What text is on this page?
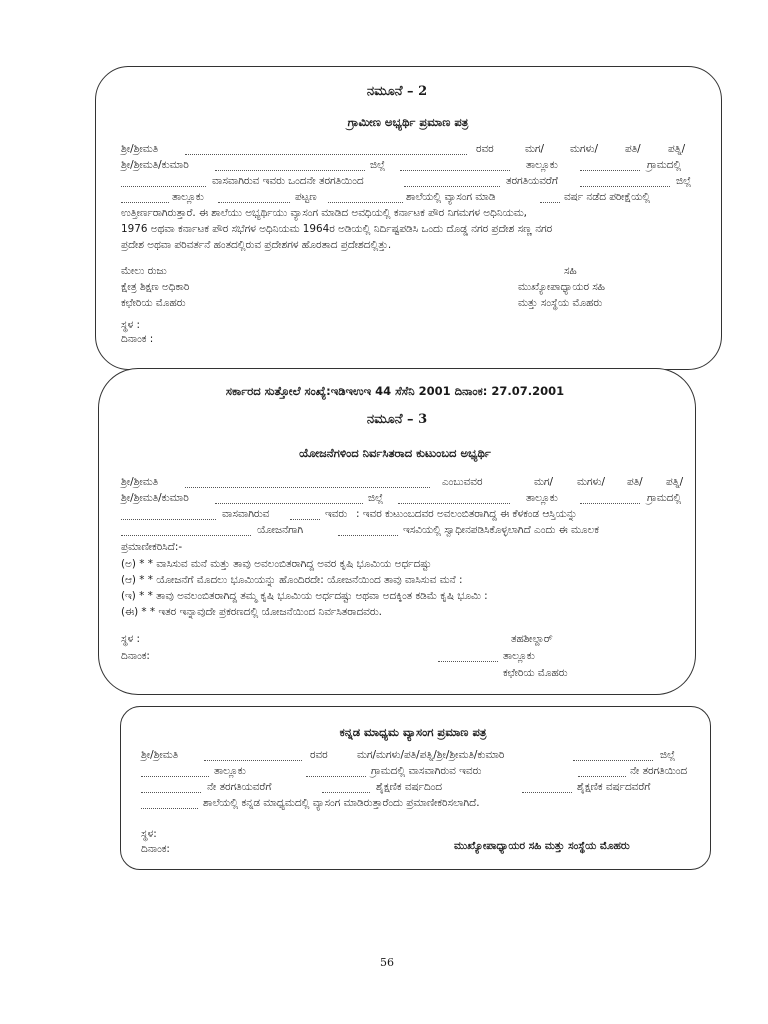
ನಮೂನೆ – 2
ಗ್ರಾಮೀಣ ಅಭ್ಯರ್ಥಿ ಪ್ರಮಾಣ ಪತ್ರ
ಶ್ರೀ/ಶ್ರೀಮತಿ	ರವರ	ಮಗ/ ಮಗಳು/	ಪತಿ/	ಪತ್ನಿ/
ಶ್ರೀ/ಶ್ರೀಮತಿ/ಕುಮಾರಿ	ಜಿಲ್ಲೆ	ತಾಲ್ಲೂಕು	ಗ್ರಾಮದಲ್ಲಿ
ವಾಸವಾಗಿರುವ ಇವರು ಒಂದನೇ ತರಗತಿಯಿಂದ	ತರಗತಿಯವರೆಗೆ	ಜಿಲ್ಲೆ
ತಾಲ್ಲೂಕು	ಪಟ್ಟಣ	ಶಾಲೆಯಲ್ಲಿ ವ್ಯಾಸಂಗ ಮಾಡಿ	ವರ್ಷ ನಡೆದ ಪರೀಕ್ಷೆಯಲ್ಲಿ
ಉತ್ತೀರ್ಣರಾಗಿರುತ್ತಾರೆ. ಈ ಶಾಲೆಯು ಅಭ್ಯರ್ಥಿಯು ವ್ಯಾಸಂಗ ಮಾಡಿದ ಅವಧಿಯಲ್ಲಿ ಕರ್ನಾಟಕ ಪೌರ ನಿಗಮಗಳ ಅಧಿನಿಯಮ,
1976 ಅಥವಾ ಕರ್ನಾಟಕ ಪೌರ ಸಭೆಗಳ ಅಧಿನಿಯಮ 1964ರ ಅಡಿಯಲ್ಲಿ ನಿರ್ದಿಷ್ಟಪಡಿಸಿ ಒಂದು ದೊಡ್ಡ ನಗರ ಪ್ರದೇಶ ಸಣ್ಣ ನಗರ
ಪ್ರದೇಶ ಅಥವಾ ಪರಿವರ್ತನೆ ಹಂತದಲ್ಲಿರುವ ಪ್ರದೇಶಗಳ ಹೊರತಾದ ಪ್ರದೇಶದಲ್ಲಿತ್ತು.
ಮೇಲು ರುಜು	ಸಹಿ
ಕ್ಷೇತ್ರ ಶಿಕ್ಷಣ ಅಧಿಕಾರಿ	ಮುಖ್ಯೋಪಾಧ್ಯಾಯರ ಸಹಿ
ಕಛೇರಿಯ ಮೊಹರು	ಮತ್ತು ಸಂಸ್ಥೆಯ ಮೊಹರು
ಸ್ಥಳ :
ದಿನಾಂಕ :
ಸರ್ಕಾರದ ಸುತ್ತೋಲೆ ಸಂಖ್ಯೆ:ಇಡಿಇಉಇ 44 ಸೆಸೆನಿ 2001 ದಿನಾಂಕ: 27.07.2001
ನಮೂನೆ – 3
ಯೋಜನೆಗಳಿಂದ ನಿರ್ವಸಿತರಾದ ಕುಟುಂಬದ ಅಭ್ಯರ್ಥಿ
ಶ್ರೀ/ಶ್ರೀಮತಿ	ಎಂಬುವವರ	ಮಗ/ ಮಗಳು/ ಪತಿ/ ಪತ್ನಿ/
ಶ್ರೀ/ಶ್ರೀಮತಿ/ಕುಮಾರಿ	ಜಿಲ್ಲೆ	ತಾಲ್ಲೂಕು	ಗ್ರಾಮದಲ್ಲಿ
ವಾಸವಾಗಿರುವ	ಇವರು : ಇವರ ಕುಟುಂಬದವರ ಅವಲಂಬಿತರಾಗಿದ್ದ ಈ ಕೆಳಕಂಡ ಆಸ್ತಿಯನ್ನು
ಯೋಜನೆಗಾಗಿ	ಇಸವಿಯಲ್ಲಿ ಸ್ವಾಧೀನಪಡಿಸಿಕೊಳ್ಳಲಾಗಿದೆ ಎಂದು ಈ ಮೂಲಕ
ಪ್ರಮಾಣೀಕರಿಸಿದೆ:-
(ಅ) * * ವಾಸಿಸುವ ಮನೆ ಮತ್ತು ತಾವು ಅವಲಂಬಿತರಾಗಿದ್ದ ಅವರ ಕೃಷಿ ಭೂಮಿಯ ಅರ್ಧದಷ್ಟು
(ಆ) * * ಯೋಜನೆಗೆ ಮೊದಲು ಭೂಮಿಯನ್ನು ಹೊಂದಿರದೇ: ಯೋಜನೆಯಿಂದ ತಾವು ವಾಸಿಸುವ ಮನೆ :
(ಇ) * * ತಾವು ಅವಲಂಬಿತರಾಗಿದ್ದ ತಮ್ಮ ಕೃಷಿ ಭೂಮಿಯ ಅರ್ಧದಷ್ಟು ಅಥವಾ ಅದಕ್ಕಿಂತ ಕಡಿಮೆ ಕೃಷಿ ಭೂಮಿ :
(ಈ) * * ಇತರ ಇನ್ನಾವುದೇ ಪ್ರಕರಣದಲ್ಲಿ ಯೋಜನೆಯಿಂದ ನಿರ್ವಸಿತರಾದವರು.
ಸ್ಥಳ :
ದಿನಾಂಕ:
ತಹಶೀಲ್ದಾರ್
ತಾಲ್ಲೂಕು
ಕಛೇರಿಯ ಮೊಹರು
ಕನ್ನಡ ಮಾಧ್ಯಮ ವ್ಯಾಸಂಗ ಪ್ರಮಾಣ ಪತ್ರ
ಶ್ರೀ/ಶ್ರೀಮತಿ	ರವರ	ಮಗ/ಮಗಳು/ಪತಿ/ಪತ್ನಿ/ಶ್ರೀ/ಶ್ರೀಮತಿ/ಕುಮಾರಿ	ಜಿಲ್ಲೆ
ತಾಲ್ಲೂಕು	ಗ್ರಾಮದಲ್ಲಿ ವಾಸವಾಗಿರುವ ಇವರು	ನೇ ತರಗತಿಯಿಂದ
ನೇ ತರಗತಿಯವರೆಗೆ	ಶೈಕ್ಷಣಿಕ ವರ್ಷದಿಂದ	ಶೈಕ್ಷಣಿಕ ವರ್ಷದವರೆಗೆ
ಶಾಲೆಯಲ್ಲಿ ಕನ್ನಡ ಮಾಧ್ಯಮದಲ್ಲಿ ವ್ಯಾಸಂಗ ಮಾಡಿರುತ್ತಾರೆಂದು ಪ್ರಮಾಣೀಕರಿಸಲಾಗಿದೆ.
ಸ್ಥಳ:
ದಿನಾಂಕ:	ಮುಖ್ಯೋಪಾಧ್ಯಾಯರ ಸಹಿ ಮತ್ತು ಸಂಸ್ಥೆಯ ಮೊಹರು
56
